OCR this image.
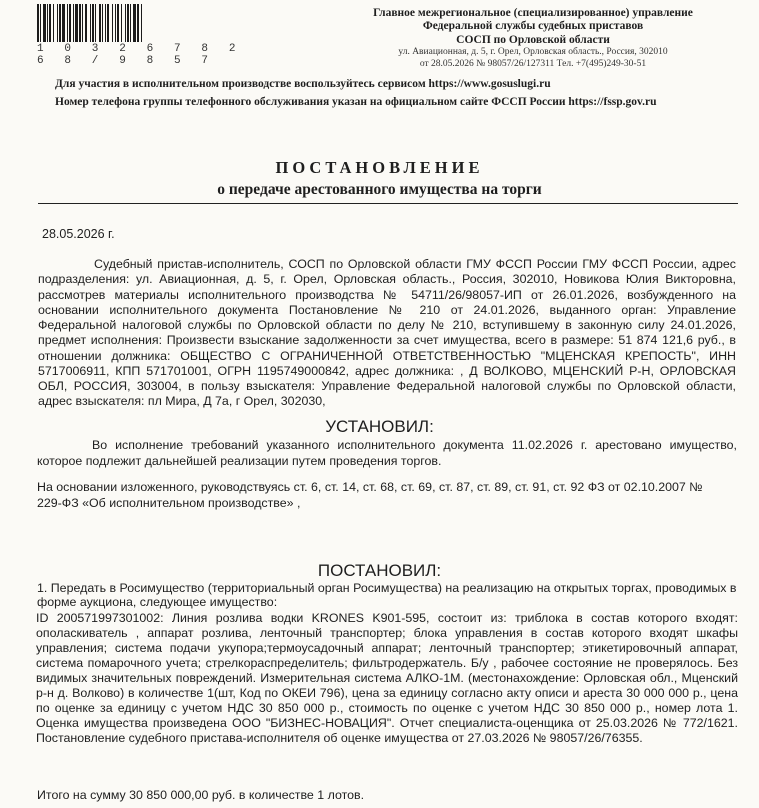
1 0 3 2 6 7 8 2 6 8 / 9 8 5 7
Главное межрегиональное (специализированное) управление
Федеральной службы судебных приставов
СОСП по Орловской области
ул. Авиационная, д. 5, г. Орел, Орловская область., Россия, 302010
от 28.05.2026 № 98057/26/127311 Тел. +7(495)249-30-51
Для участия в исполнительном производстве воспользуйтесь сервисом https://www.gosuslugi.ru
Номер телефона группы телефонного обслуживания указан на официальном сайте ФССП России https://fssp.gov.ru
ПОСТАНОВЛЕНИЕ
о передаче арестованного имущества на торги
28.05.2026 г.
Судебный пристав-исполнитель, СОСП по Орловской области ГМУ ФССП России ГМУ ФССП России, адрес подразделения: ул. Авиационная, д. 5, г. Орел, Орловская область., Россия, 302010, Новикова Юлия Викторовна, рассмотрев материалы исполнительного производства № 54711/26/98057-ИП от 26.01.2026, возбужденного на основании исполнительного документа Постановление № 210 от 24.01.2026, выданного орган: Управление Федеральной налоговой службы по Орловской области по делу № 210, вступившему в законную силу 24.01.2026, предмет исполнения: Произвести взыскание задолженности за счет имущества, всего в размере: 51 874 121,6 руб., в отношении должника: ОБЩЕСТВО С ОГРАНИЧЕННОЙ ОТВЕТСТВЕННОСТЬЮ "МЦЕНСКАЯ КРЕПОСТЬ", ИНН 5717006911, КПП 571701001, ОГРН 1195749000842, адрес должника: , Д ВОЛКОВО, МЦЕНСКИЙ Р-Н, ОРЛОВСКАЯ ОБЛ, РОССИЯ, 303004, в пользу взыскателя: Управление Федеральной налоговой службы по Орловской области, адрес взыскателя: пл Мира, Д 7а, г Орел, 302030,
УСТАНОВИЛ:
Во исполнение требований указанного исполнительного документа 11.02.2026 г. арестовано имущество, которое подлежит дальнейшей реализации путем проведения торгов.
На основании изложенного, руководствуясь ст. 6, ст. 14, ст. 68, ст. 69, ст. 87, ст. 89, ст. 91, ст. 92 ФЗ от 02.10.2007 № 229-ФЗ «Об исполнительном производстве» ,
ПОСТАНОВИЛ:
1. Передать в Росимущество (территориальный орган Росимущества) на реализацию на открытых торгах, проводимых в форме аукциона, следующее имущество:
ID 200571997301002: Линия розлива водки KRONES K901-595, состоит из: триблока в состав которого входят: ополаскиватель , аппарат розлива, ленточный транспортер; блока управления в состав которого входят шкафы управления; система подачи укупора;термоусадочный аппарат; ленточный транспортер; этикетировочный аппарат, система помарочного учета; стрелкораспределитель; фильтродержатель. Б/у , рабочее состояние не проверялось. Без видимых значительных повреждений. Измерительная система АЛКО-1М. (местонахождение: Орловская обл., Мценский р-н д. Волково) в количестве 1(шт, Код по ОКЕИ 796), цена за единицу согласно акту описи и ареста 30 000 000 р., цена по оценке за единицу с учетом НДС 30 850 000 р., стоимость по оценке с учетом НДС 30 850 000 р., номер лота 1. Оценка имущества произведена ООО "БИЗНЕС-НОВАЦИЯ". Отчет специалиста-оценщика от 25.03.2026 № 772/1621. Постановление судебного пристава-исполнителя об оценке имущества от 27.03.2026 № 98057/26/76355.
Итого на сумму 30 850 000,00 руб. в количестве 1 лотов.
